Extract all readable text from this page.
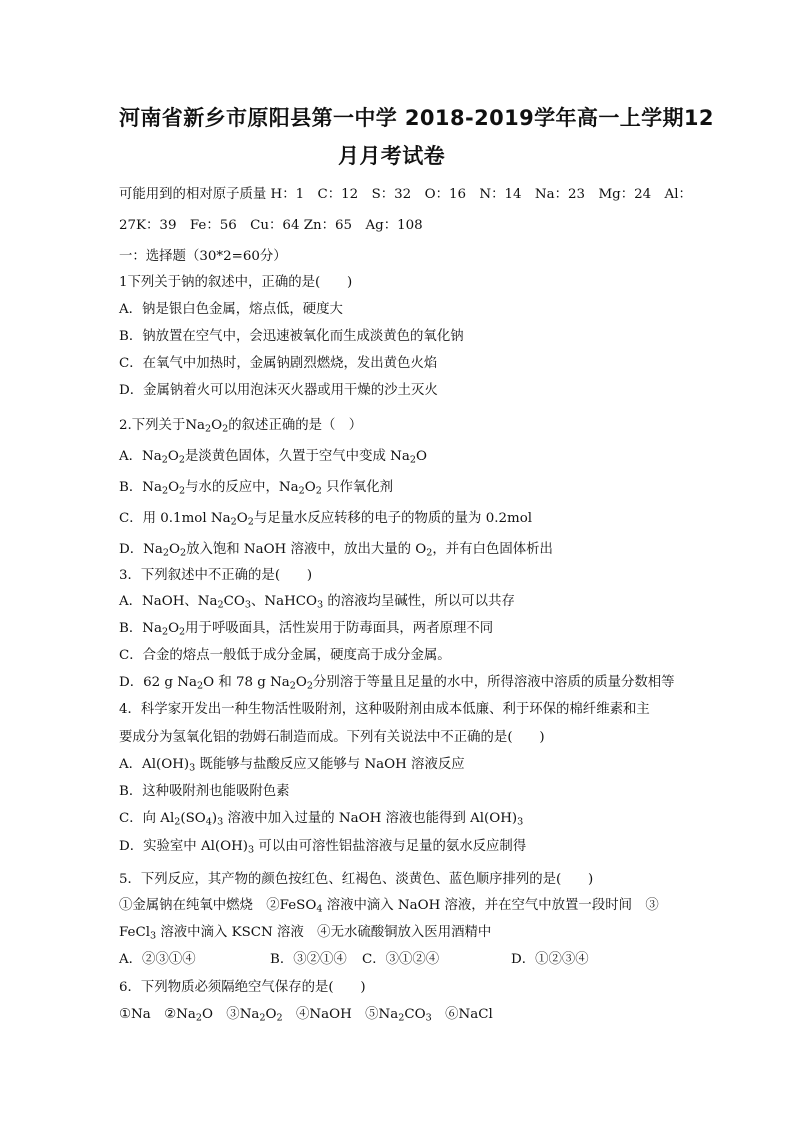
河南省新乡市原阳县第一中学 2018-2019学年高一上学期12
月月考试卷
可能用到的相对原子质量 H：1　C：12　S：32　O：16　N：14　Na：23　Mg：24　Al：
27K：39　Fe：56　Cu：64 Zn：65　Ag：108
一：选择题（30*2=60分）
1下列关于钠的叙述中，正确的是(　　)
A．钠是银白色金属，熔点低，硬度大
B．钠放置在空气中，会迅速被氧化而生成淡黄色的氧化钠
C．在氧气中加热时，金属钠剧烈燃烧，发出黄色火焰
D．金属钠着火可以用泡沫灭火器或用干燥的沙土灭火
2.下列关于$Na_2O_2$的叙述正确的是（　）
A．$Na_2O_2$是淡黄色固体，久置于空气中变成 $Na_2O$
B．$Na_2O_2$与水的反应中，$Na_2O_2$ 只作氧化剂
C．用 0.1mol $Na_2O_2$与足量水反应转移的电子的物质的量为 0.2mol
D．$Na_2O_2$放入饱和 NaOH 溶液中，放出大量的 $O_2$，并有白色固体析出
3．下列叙述中不正确的是(　　)
A．NaOH、$Na_2CO_3$、NaHCO$_3$ 的溶液均呈碱性，所以可以共存
B．$Na_2O_2$用于呼吸面具，活性炭用于防毒面具，两者原理不同
C．合金的熔点一般低于成分金属，硬度高于成分金属。
D．62 g $Na_2O$ 和 78 g $Na_2O_2$分别溶于等量且足量的水中，所得溶液中溶质的质量分数相等
4．科学家开发出一种生物活性吸附剂，这种吸附剂由成本低廉、利于环保的棉纤维素和主
要成分为氢氧化铝的勃姆石制造而成。下列有关说法中不正确的是(　　)
A．$Al(OH)_3$ 既能够与盐酸反应又能够与 NaOH 溶液反应
B．这种吸附剂也能吸附色素
C．向 $Al_2(SO_4)_3$ 溶液中加入过量的 NaOH 溶液也能得到 $Al(OH)_3$
D．实验室中 $Al(OH)_3$ 可以由可溶性铝盐溶液与足量的氨水反应制得
5．下列反应，其产物的颜色按红色、红褐色、淡黄色、蓝色顺序排列的是(　　)
①金属钠在纯氧中燃烧　②FeSO$_4$ 溶液中滴入 NaOH 溶液，并在空气中放置一段时间　③
FeCl$_3$ 溶液中滴入 KSCN 溶液　④无水硫酸铜放入医用酒精中
A．②③①④	B．③②①④ C．③①②④	D．①②③④
6．下列物质必须隔绝空气保存的是(　　)
①Na　$②Na_2O$　$③Na_2O_2$　④NaOH　$⑤Na_2CO_3$　⑥NaCl
